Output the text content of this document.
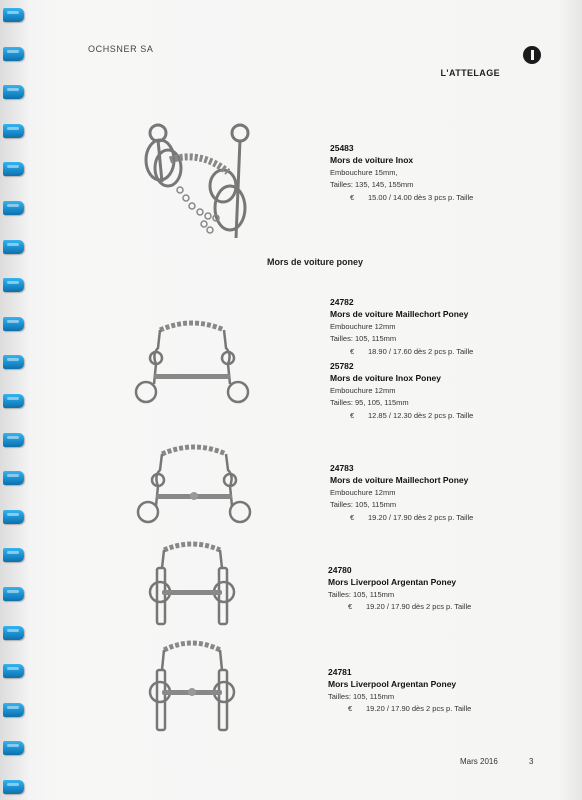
OCHSNER SA
L'ATTELAGE
25483
Mors de voiture Inox
Embouchure 15mm,
Tailles: 135, 145, 155mm
€ 15.00 / 14.00 dès 3 pcs p. Taille
Mors de voiture poney
24782
Mors de voiture Maillechort Poney
Embouchure 12mm
Tailles: 105, 115mm
€ 18.90 / 17.60 dès 2 pcs p. Taille
25782
Mors de voiture Inox Poney
Embouchure 12mm
Tailles: 95, 105, 115mm
€ 12.85 / 12.30 dès 2 pcs p. Taille
24783
Mors de voiture Maillechort Poney
Embouchure 12mm
Tailles: 105, 115mm
€ 19.20 / 17.90 dès 2 pcs p. Taille
24780
Mors Liverpool Argentan Poney
Tailles: 105, 115mm
€ 19.20 / 17.90 dès 2 pcs p. Taille
24781
Mors Liverpool Argentan Poney
Tailles: 105, 115mm
€ 19.20 / 17.90 dès 2 pcs p. Taille
Mars 2016	3
